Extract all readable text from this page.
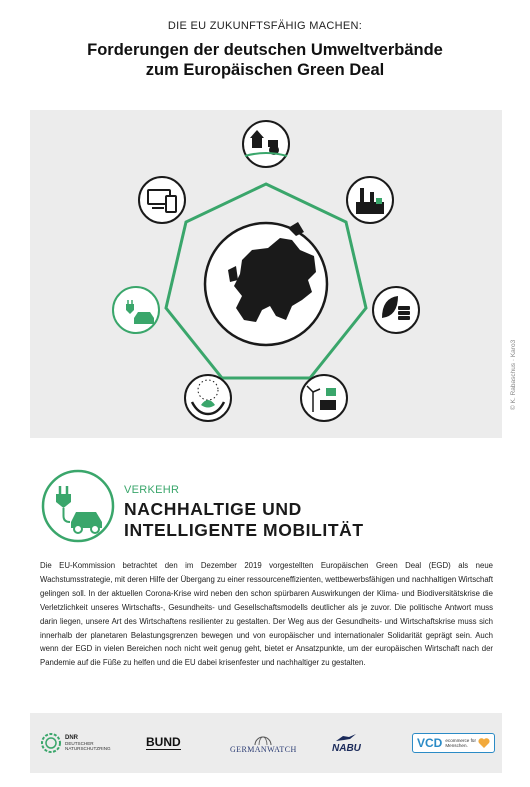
DIE EU ZUKUNFTSFÄHIG MACHEN:
Forderungen der deutschen Umweltverbände
zum Europäischen Green Deal
© K. Rabaschus · Karo3
VERKEHR
NACHHALTIGE UND
INTELLIGENTE MOBILITÄT

Die EU-Kommission betrachtet den im Dezember 2019 vorgestellten Europäischen Green Deal (EGD) als neue Wachstumsstrategie, mit deren Hilfe der Übergang zu einer ressourceneffizienten, wettbewerbsfähigen und nachhaltigen Wirtschaft gelingen soll. In der aktuellen Corona-Krise wird neben den schon spürbaren Auswirkungen der Klima- und Biodiversitätskrise die Verletzlichkeit unseres Wirtschafts-, Gesundheits- und Gesellschaftsmodells deutlicher als je zuvor. Die politische Antwort muss darin liegen, unsere Art des Wirtschaftens resilienter zu gestalten. Der Weg aus der Gesundheits- und Wirtschaftskrise muss sich innerhalb der planetaren Belastungsgrenzen bewegen und von europäischer und internationaler Solidarität geprägt sein. Auch wenn der EGD in vielen Bereichen noch nicht weit genug geht, bietet er Ansatzpunkte, um der europäischen Wirtschaft nach der Pandemie auf die Füße zu helfen und die EU dabei krisenfester und nachhaltiger zu gestalten.

DNR
DEUTSCHER
NATURSCHUTZRING	BUND	GERMANWATCH	NABU	VCD ecommerce für
Menschen.
